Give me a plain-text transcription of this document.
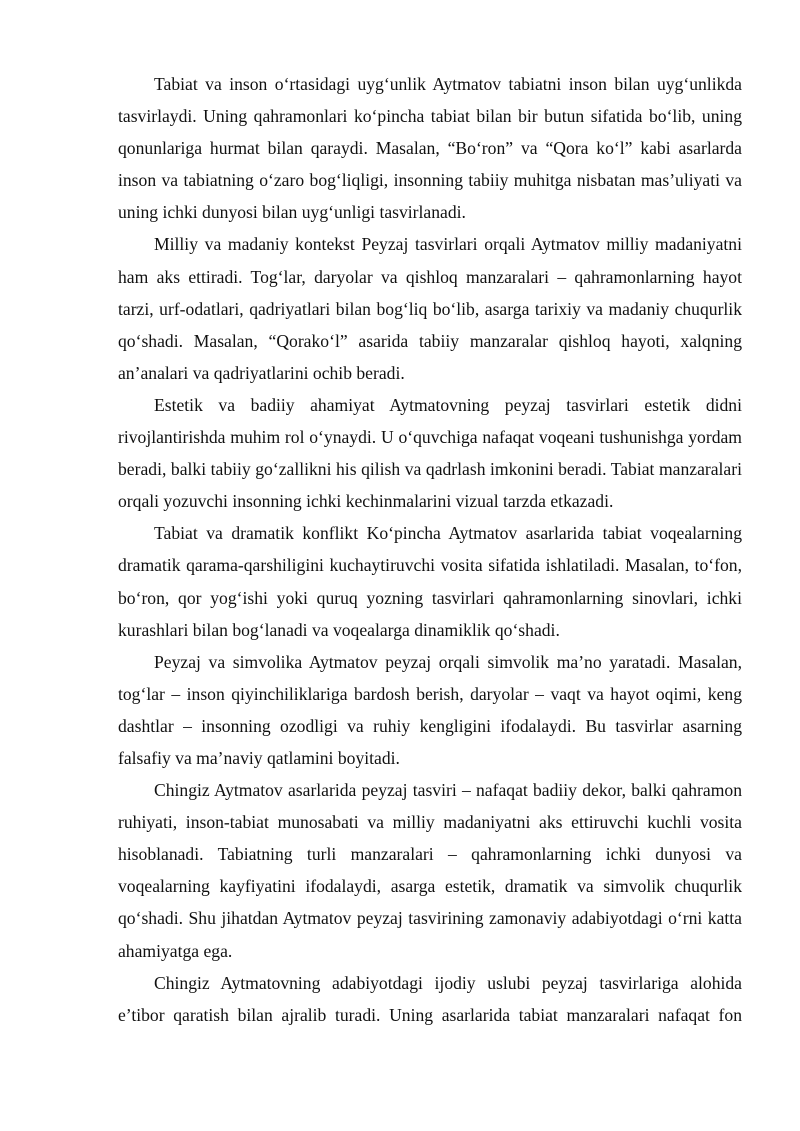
Tabiat va inson o‘rtasidagi uyg‘unlik Aytmatov tabiatni inson bilan uyg‘unlikda tasvirlaydi. Uning qahramonlari ko‘pincha tabiat bilan bir butun sifatida bo‘lib, uning qonunlariga hurmat bilan qaraydi. Masalan, “Bo‘ron” va “Qora ko‘l” kabi asarlarda inson va tabiatning o‘zaro bog‘liqligi, insonning tabiiy muhitga nisbatan mas’uliyati va uning ichki dunyosi bilan uyg‘unligi tasvirlanadi.

Milliy va madaniy kontekst Peyzaj tasvirlari orqali Aytmatov milliy madaniyatni ham aks ettiradi. Tog‘lar, daryolar va qishloq manzaralari – qahramonlarning hayot tarzi, urf-odatlari, qadriyatlari bilan bog‘liq bo‘lib, asarga tarixiy va madaniy chuqurlik qo‘shadi. Masalan, “Qorako‘l” asarida tabiiy manzaralar qishloq hayoti, xalqning an’analari va qadriyatlarini ochib beradi.

Estetik va badiiy ahamiyat Aytmatovning peyzaj tasvirlari estetik didni rivojlantirishda muhim rol o‘ynaydi. U o‘quvchiga nafaqat voqeani tushunishga yordam beradi, balki tabiiy go‘zallikni his qilish va qadrlash imkonini beradi. Tabiat manzaralari orqali yozuvchi insonning ichki kechinmalarini vizual tarzda etkazadi.

Tabiat va dramatik konflikt Ko‘pincha Aytmatov asarlarida tabiat voqealarning dramatik qarama-qarshiligini kuchaytiruvchi vosita sifatida ishlatiladi. Masalan, to‘fon, bo‘ron, qor yog‘ishi yoki quruq yozning tasvirlari qahramonlarning sinovlari, ichki kurashlari bilan bog‘lanadi va voqealarga dinamiklik qo‘shadi.

Peyzaj va simvolika Aytmatov peyzaj orqali simvolik ma’no yaratadi. Masalan, tog‘lar – inson qiyinchiliklariga bardosh berish, daryolar – vaqt va hayot oqimi, keng dashtlar – insonning ozodligi va ruhiy kengligini ifodalaydi. Bu tasvirlar asarning falsafiy va ma’naviy qatlamini boyitadi.

Chingiz Aytmatov asarlarida peyzaj tasviri – nafaqat badiiy dekor, balki qahramon ruhiyati, inson-tabiat munosabati va milliy madaniyatni aks ettiruvchi kuchli vosita hisoblanadi. Tabiatning turli manzaralari – qahramonlarning ichki dunyosi va voqealarning kayfiyatini ifodalaydi, asarga estetik, dramatik va simvolik chuqurlik qo‘shadi. Shu jihatdan Aytmatov peyzaj tasvirining zamonaviy adabiyotdagi o‘rni katta ahamiyatga ega.

Chingiz Aytmatovning adabiyotdagi ijodiy uslubi peyzaj tasvirlariga alohida e’tibor qaratish bilan ajralib turadi. Uning asarlarida tabiat manzaralari nafaqat fon
